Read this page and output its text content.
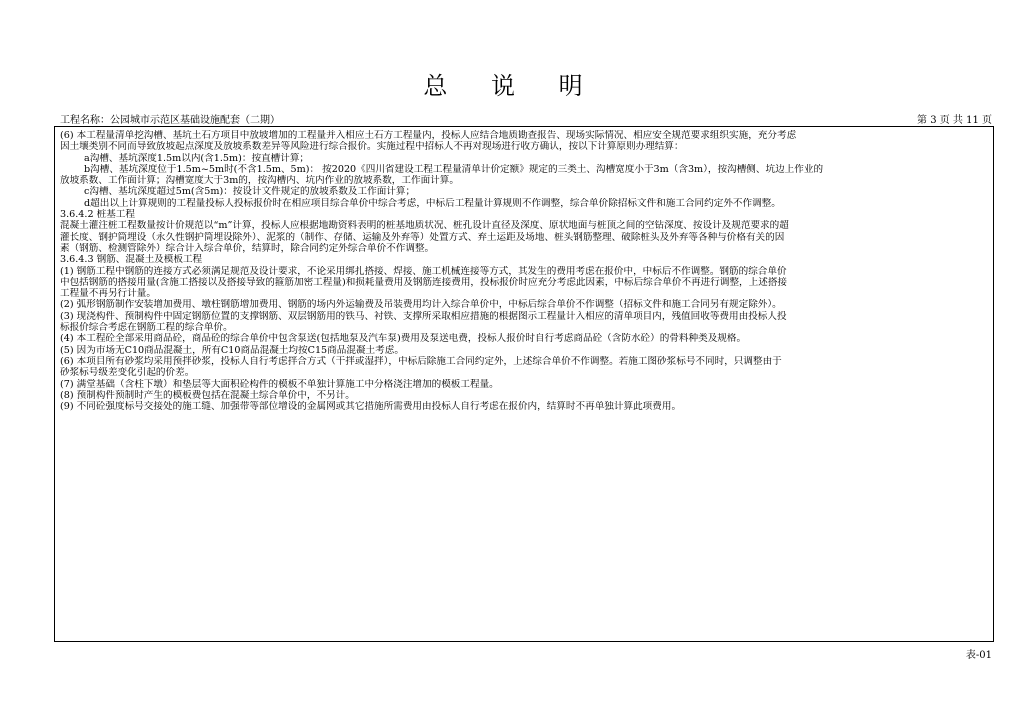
总 说 明
工程名称：公园城市示范区基础设施配套（二期）	第 3 页 共 11 页
(6) 本工程量清单挖沟槽、基坑土石方项目中放坡增加的工程量并入相应土石方工程量内，投标人应结合地质勘查报告、现场实际情况、相应安全规范要求组织实施，充分考虑
因土壤类别不同而导致放坡起点深度及放坡系数差异等风险进行综合报价。实施过程中招标人不再对现场进行收方确认，按以下计算原则办理结算：
a沟槽、基坑深度1.5m以内(含1.5m)：按直槽计算；
b沟槽、基坑深度位于1.5m~5m时(不含1.5m、5m)： 按2020《四川省建设工程工程量清单计价定额》规定的三类土、沟槽宽度小于3m（含3m），按沟槽侧、坑边上作业的
放坡系数、工作面计算；沟槽宽度大于3m的，按沟槽内、坑内作业的放坡系数，工作面计算。
c沟槽、基坑深度超过5m(含5m)：按设计文件规定的放坡系数及工作面计算；
d超出以上计算规则的工程量投标人投标报价时在相应项目综合单价中综合考虑，中标后工程量计算规则不作调整，综合单价除招标文件和施工合同约定外不作调整。
3.6.4.2 桩基工程
混凝土灌注桩工程数量按计价规范以“m”计算，投标人应根据地勘资料表明的桩基地质状况、桩孔设计直径及深度、原状地面与桩顶之间的空钻深度、按设计及规范要求的超
灌长度、钢护筒埋设（永久性钢护筒埋设除外）、泥浆的（制作、存储、运输及外弃等）处置方式、弃土运距及场地、桩头钢筋整理、破除桩头及外弃等各种与价格有关的因
素（钢筋、检测管除外）综合计入综合单价，结算时，除合同约定外综合单价不作调整。
3.6.4.3 钢筋、混凝土及模板工程
(1) 钢筋工程中钢筋的连接方式必须满足规范及设计要求，不论采用绑扎搭接、焊接、施工机械连接等方式，其发生的费用考虑在报价中，中标后不作调整。钢筋的综合单价
中包括钢筋的搭接用量(含施工搭接以及搭接导致的箍筋加密工程量)和损耗量费用及钢筋连接费用，投标报价时应充分考虑此因素，中标后综合单价不再进行调整，上述搭接
工程量不再另行计量。
(2) 弧形钢筋制作安装增加费用、墩柱钢筋增加费用、钢筋的场内外运输费及吊装费用均计入综合单价中，中标后综合单价不作调整（招标文件和施工合同另有规定除外）。
(3) 现浇构件、预制构件中固定钢筋位置的支撑钢筋、双层钢筋用的铁马、衬铁、支撑所采取相应措施的根据图示工程量计入相应的清单项目内，残值回收等费用由投标人投
标报价综合考虑在钢筋工程的综合单价。
(4) 本工程砼全部采用商品砼，商品砼的综合单价中包含泵送(包括地泵及汽车泵)费用及泵送电费，投标人报价时自行考虑商品砼（含防水砼）的骨料种类及规格。
(5) 因为市场无C10商品混凝土，所有C10商品混凝土均按C15商品混凝土考虑。
(6) 本项目所有砂浆均采用预拌砂浆，投标人自行考虑拌合方式（干拌或湿拌），中标后除施工合同约定外，上述综合单价不作调整。若施工图砂浆标号不同时，只调整由于
砂浆标号级差变化引起的价差。
(7) 满堂基础（含柱下墩）和垫层等大面积砼构件的模板不单独计算施工中分格浇注增加的模板工程量。
(8) 预制构件预制时产生的模板费包括在混凝土综合单价中，不另计。
(9) 不同砼强度标号交接处的施工缝、加强带等部位增设的金属网或其它措施所需费用由投标人自行考虑在报价内，结算时不再单独计算此项费用。
表-01
